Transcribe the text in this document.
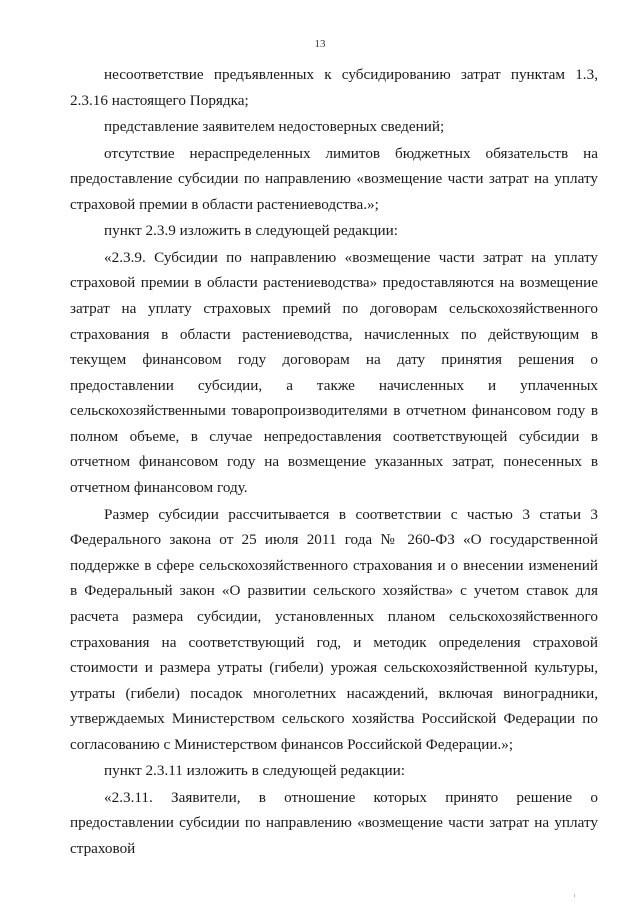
13

несоответствие предъявленных к субсидированию затрат пунктам 1.3, 2.3.16 настоящего Порядка;

представление заявителем недостоверных сведений;

отсутствие нераспределенных лимитов бюджетных обязательств на предоставление субсидии по направлению «возмещение части затрат на уплату страховой премии в области растениеводства.»;

пункт 2.3.9 изложить в следующей редакции:

«2.3.9. Субсидии по направлению «возмещение части затрат на уплату страховой премии в области растениеводства» предоставляются на возмещение затрат на уплату страховых премий по договорам сельскохозяйственного страхования в области растениеводства, начисленных по действующим в текущем финансовом году договорам на дату принятия решения о предоставлении субсидии, а также начисленных и уплаченных сельскохозяйственными товаропроизводителями в отчетном финансовом году в полном объеме, в случае непредоставления соответствующей субсидии в отчетном финансовом году на возмещение указанных затрат, понесенных в отчетном финансовом году.

Размер субсидии рассчитывается в соответствии с частью 3 статьи 3 Федерального закона от 25 июля 2011 года № 260-ФЗ «О государственной поддержке в сфере сельскохозяйственного страхования и о внесении изменений в Федеральный закон «О развитии сельского хозяйства» с учетом ставок для расчета размера субсидии, установленных планом сельскохозяйственного страхования на соответствующий год, и методик определения страховой стоимости и размера утраты (гибели) урожая сельскохозяйственной культуры, утраты (гибели) посадок многолетних насаждений, включая виноградники, утверждаемых Министерством сельского хозяйства Российской Федерации по согласованию с Министерством финансов Российской Федерации.»;

пункт 2.3.11 изложить в следующей редакции:

«2.3.11. Заявители, в отношение которых принято решение о предоставлении субсидии по направлению «возмещение части затрат на уплату страховой
